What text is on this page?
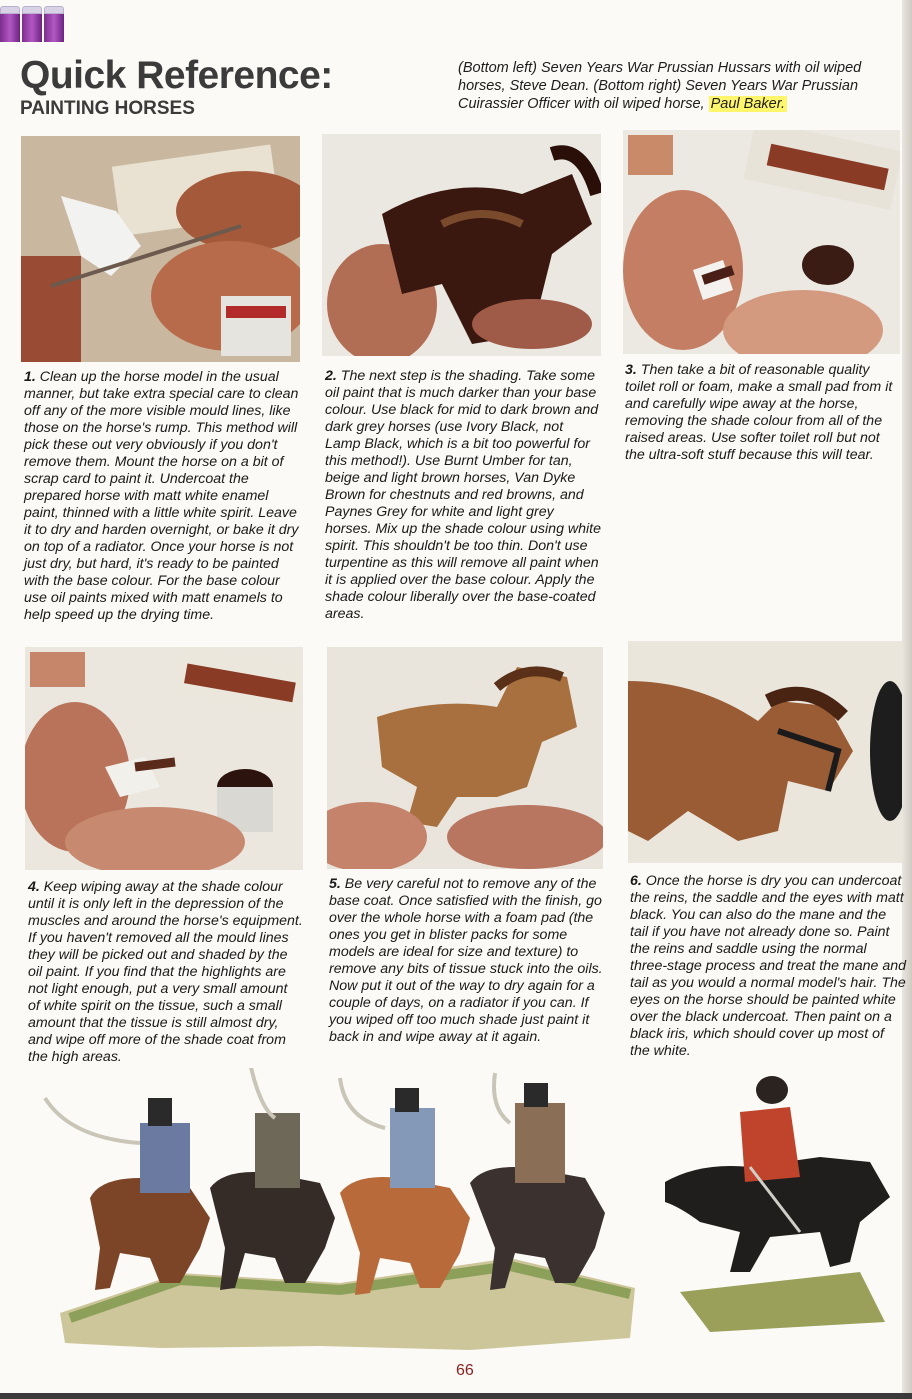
Quick Reference:
PAINTING HORSES
(Bottom left) Seven Years War Prussian Hussars with oil wiped horses, Steve Dean. (Bottom right) Seven Years War Prussian Cuirassier Officer with oil wiped horse, Paul Baker.

1. Clean up the horse model in the usual manner, but take extra special care to clean off any of the more visible mould lines, like those on the horse's rump. This method will pick these out very obviously if you don't remove them. Mount the horse on a bit of scrap card to paint it. Undercoat the prepared horse with matt white enamel paint, thinned with a little white spirit. Leave it to dry and harden overnight, or bake it dry on top of a radiator. Once your horse is not just dry, but hard, it's ready to be painted with the base colour. For the base colour use oil paints mixed with matt enamels to help speed up the drying time.

2. The next step is the shading. Take some oil paint that is much darker than your base colour. Use black for mid to dark brown and dark grey horses (use Ivory Black, not Lamp Black, which is a bit too powerful for this method!). Use Burnt Umber for tan, beige and light brown horses, Van Dyke Brown for chestnuts and red browns, and Paynes Grey for white and light grey horses. Mix up the shade colour using white spirit. This shouldn't be too thin. Don't use turpentine as this will remove all paint when it is applied over the base colour. Apply the shade colour liberally over the base-coated areas.

3. Then take a bit of reasonable quality toilet roll or foam, make a small pad from it and carefully wipe away at the horse, removing the shade colour from all of the raised areas. Use softer toilet roll but not the ultra-soft stuff because this will tear.

4. Keep wiping away at the shade colour until it is only left in the depression of the muscles and around the horse's equipment. If you haven't removed all the mould lines they will be picked out and shaded by the oil paint. If you find that the highlights are not light enough, put a very small amount of white spirit on the tissue, such a small amount that the tissue is still almost dry, and wipe off more of the shade coat from the high areas.

5. Be very careful not to remove any of the base coat. Once satisfied with the finish, go over the whole horse with a foam pad (the ones you get in blister packs for some models are ideal for size and texture) to remove any bits of tissue stuck into the oils. Now put it out of the way to dry again for a couple of days, on a radiator if you can. If you wiped off too much shade just paint it back in and wipe away at it again.

6. Once the horse is dry you can undercoat the reins, the saddle and the eyes with matt black. You can also do the mane and the tail if you have not already done so. Paint the reins and saddle using the normal three-stage process and treat the mane and tail as you would a normal model's hair. The eyes on the horse should be painted white over the black undercoat. Then paint on a black iris, which should cover up most of the white.

66
